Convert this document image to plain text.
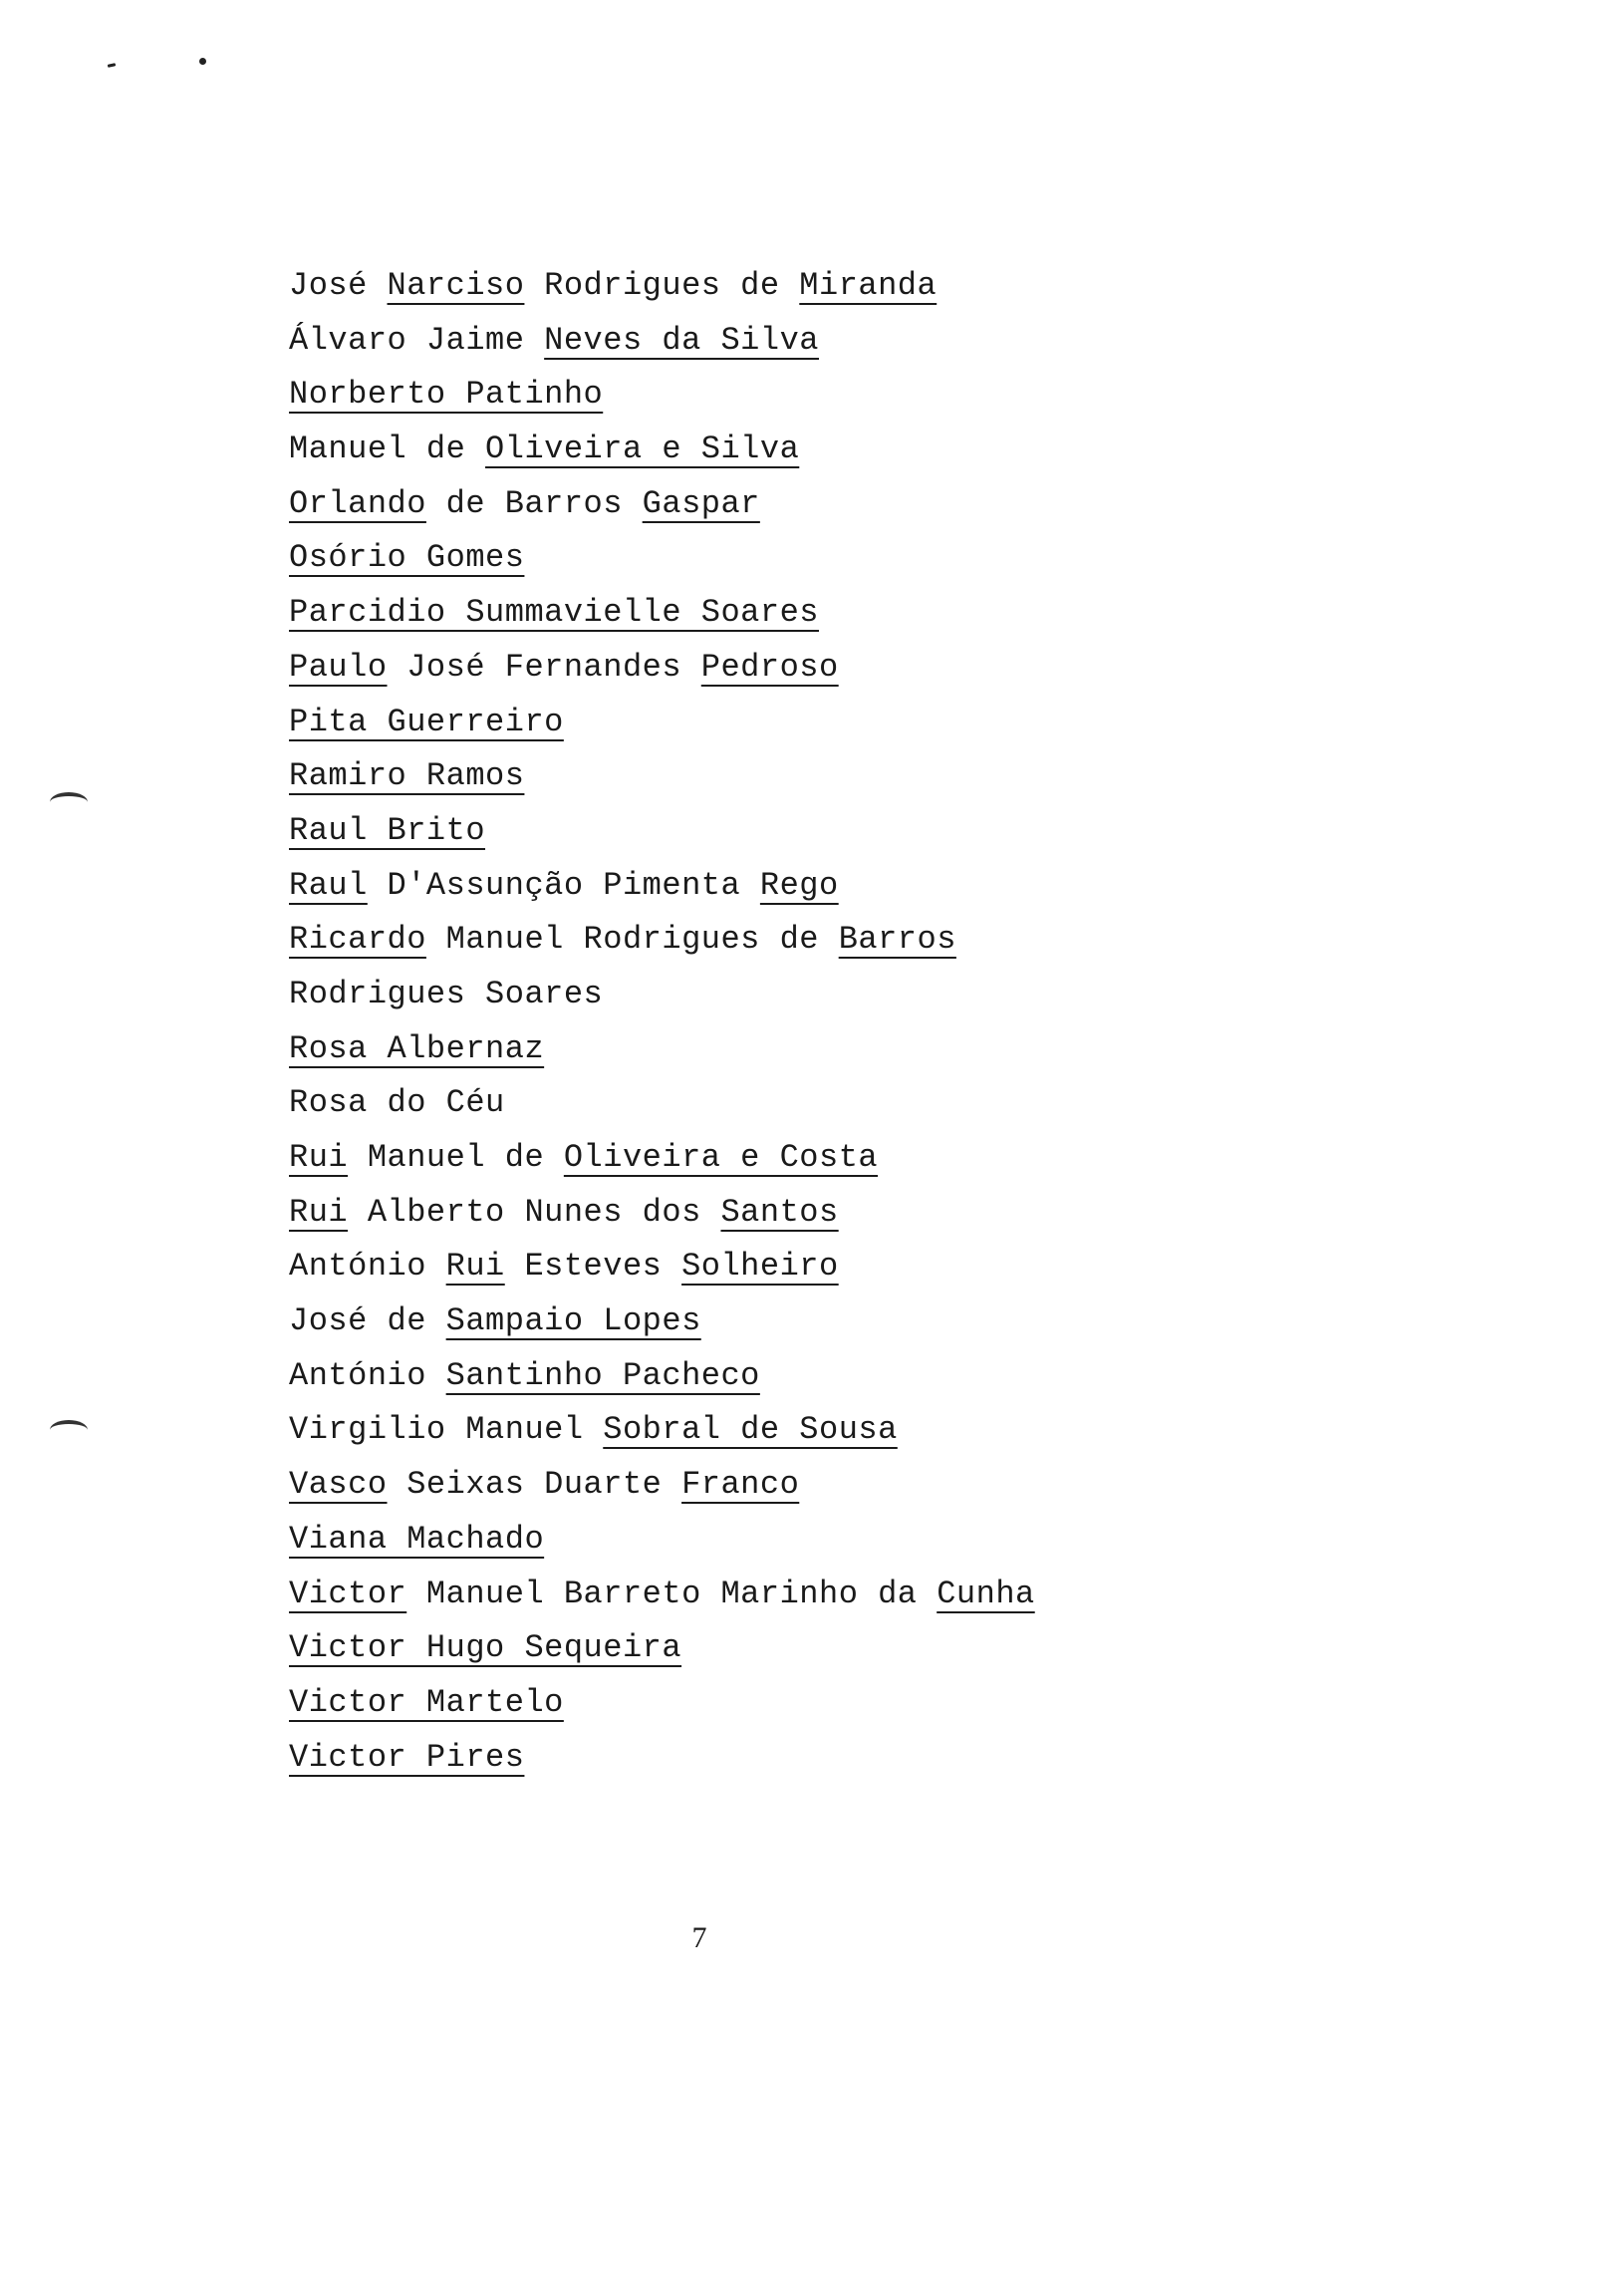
José Narciso Rodrigues de Miranda
Álvaro Jaime Neves da Silva
Norberto Patinho
Manuel de Oliveira e Silva
Orlando de Barros Gaspar
Osório Gomes
Parcidio Summavielle Soares
Paulo José Fernandes Pedroso
Pita Guerreiro
Ramiro Ramos
Raul Brito
Raul D'Assunção Pimenta Rego
Ricardo Manuel Rodrigues de Barros
Rodrigues Soares
Rosa Albernaz
Rosa do Céu
Rui Manuel de Oliveira e Costa
Rui Alberto Nunes dos Santos
António Rui Esteves Solheiro
José de Sampaio Lopes
António Santinho Pacheco
Virgilio Manuel Sobral de Sousa
Vasco Seixas Duarte Franco
Viana Machado
Victor Manuel Barreto Marinho da Cunha
Victor Hugo Sequeira
Victor Martelo
Victor Pires
7
